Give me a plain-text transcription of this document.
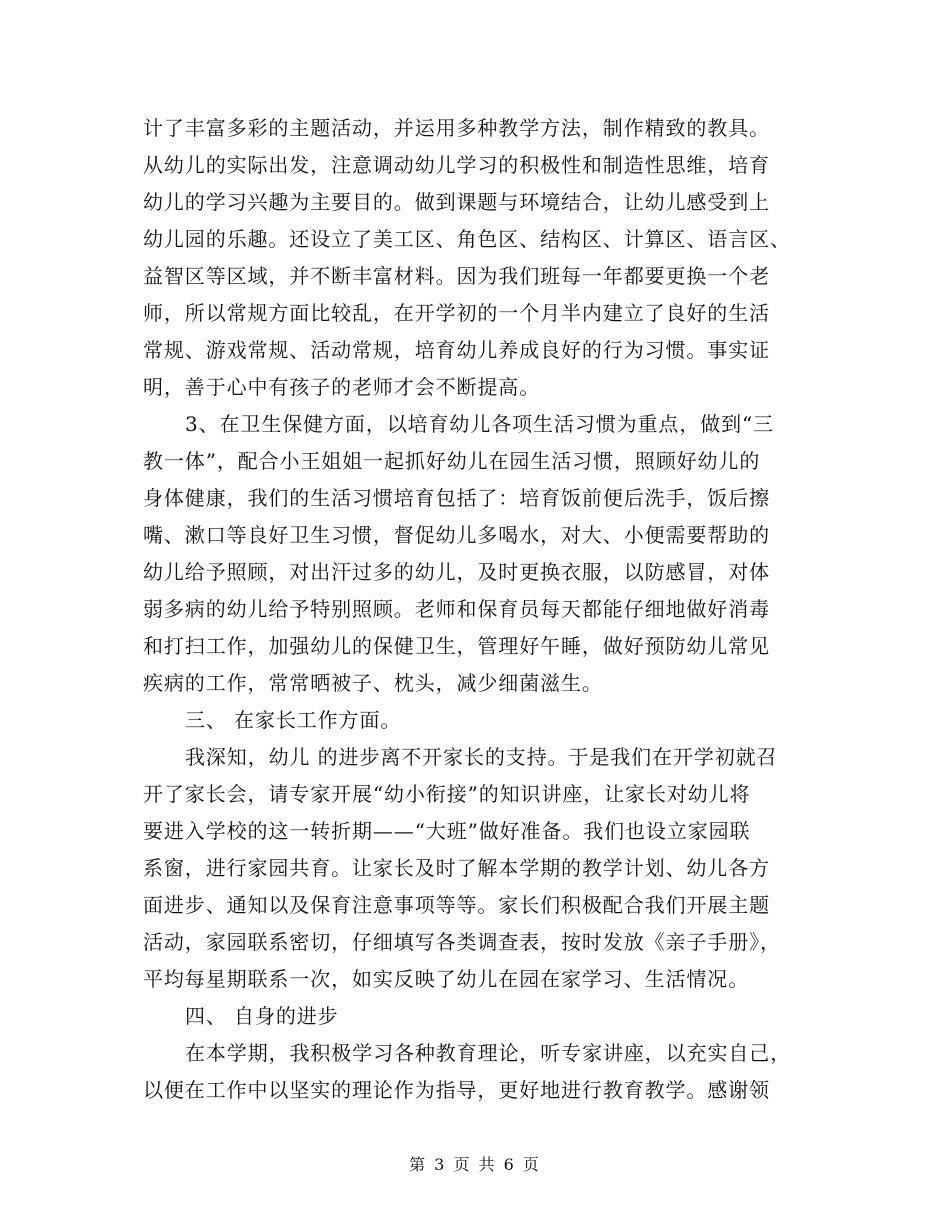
计了丰富多彩的主题活动，并运用多种教学方法，制作精致的教具。
从幼儿的实际出发，注意调动幼儿学习的积极性和制造性思维，培育
幼儿的学习兴趣为主要目的。做到课题与环境结合，让幼儿感受到上
幼儿园的乐趣。还设立了美工区、角色区、结构区、计算区、语言区、
益智区等区域，并不断丰富材料。因为我们班每一年都要更换一个老
师，所以常规方面比较乱，在开学初的一个月半内建立了良好的生活
常规、游戏常规、活动常规，培育幼儿养成良好的行为习惯。事实证
明，善于心中有孩子的老师才会不断提高。
3、在卫生保健方面，以培育幼儿各项生活习惯为重点，做到“三
教一体”，配合小王姐姐一起抓好幼儿在园生活习惯，照顾好幼儿的
身体健康，我们的生活习惯培育包括了：培育饭前便后洗手，饭后擦
嘴、漱口等良好卫生习惯，督促幼儿多喝水，对大、小便需要帮助的
幼儿给予照顾，对出汗过多的幼儿，及时更换衣服，以防感冒，对体
弱多病的幼儿给予特别照顾。老师和保育员每天都能仔细地做好消毒
和打扫工作，加强幼儿的保健卫生，管理好午睡，做好预防幼儿常见
疾病的工作，常常晒被子、枕头，减少细菌滋生。
三、 在家长工作方面。
我深知，幼儿 的进步离不开家长的支持。于是我们在开学初就召
开了家长会，请专家开展“幼小衔接”的知识讲座，让家长对幼儿将
要进入学校的这一转折期——“大班”做好准备。我们也设立家园联
系窗，进行家园共育。让家长及时了解本学期的教学计划、幼儿各方
面进步、通知以及保育注意事项等等。家长们积极配合我们开展主题
活动，家园联系密切，仔细填写各类调查表，按时发放《亲子手册》，
平均每星期联系一次，如实反映了幼儿在园在家学习、生活情况。
四、 自身的进步
在本学期，我积极学习各种教育理论，听专家讲座，以充实自己，
以便在工作中以坚实的理论作为指导，更好地进行教育教学。感谢领
第 3 页 共 6 页
